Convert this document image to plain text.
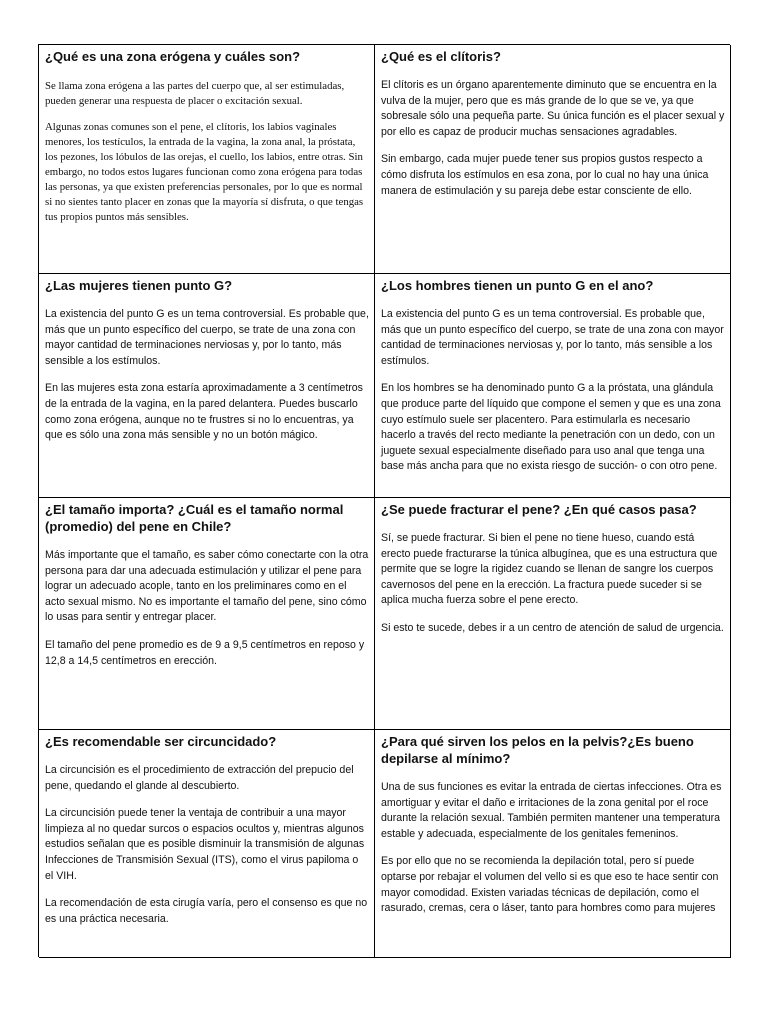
¿Qué es una zona erógena y cuáles son?

Se llama zona erógena a las partes del cuerpo que, al ser estimuladas, pueden generar una respuesta de placer o excitación sexual.

Algunas zonas comunes son el pene, el clítoris, los labios vaginales menores, los testículos, la entrada de la vagina, la zona anal, la próstata, los pezones, los lóbulos de las orejas, el cuello, los labios, entre otras. Sin embargo, no todos estos lugares funcionan como zona erógena para todas las personas, ya que existen preferencias personales, por lo que es normal si no sientes tanto placer en zonas que la mayoría sí disfruta, o que tengas tus propios puntos más sensibles.

¿Qué es el clítoris?

El clítoris es un órgano aparentemente diminuto que se encuentra en la vulva de la mujer, pero que es más grande de lo que se ve, ya que sobresale sólo una pequeña parte. Su única función es el placer sexual y por ello es capaz de producir muchas sensaciones agradables.

Sin embargo, cada mujer puede tener sus propios gustos respecto a cómo disfruta los estímulos en esa zona, por lo cual no hay una única manera de estimulación y su pareja debe estar consciente de ello.

¿Las mujeres tienen punto G?

La existencia del punto G es un tema controversial. Es probable que, más que un punto específico del cuerpo, se trate de una zona con mayor cantidad de terminaciones nerviosas y, por lo tanto, más sensible a los estímulos.

En las mujeres esta zona estaría aproximadamente a 3 centímetros de la entrada de la vagina, en la pared delantera. Puedes buscarlo como zona erógena, aunque no te frustres si no lo encuentras, ya que es sólo una zona más sensible y no un botón mágico.

¿Los hombres tienen un punto G en el ano?

La existencia del punto G es un tema controversial. Es probable que, más que un punto específico del cuerpo, se trate de una zona con mayor cantidad de terminaciones nerviosas y, por lo tanto, más sensible a los estímulos.

En los hombres se ha denominado punto G a la próstata, una glándula que produce parte del líquido que compone el semen y que es una zona cuyo estímulo suele ser placentero. Para estimularla es necesario hacerlo a través del recto mediante la penetración con un dedo, con un juguete sexual especialmente diseñado para uso anal que tenga una base más ancha para que no exista riesgo de succión- o con otro pene.

¿El tamaño importa? ¿Cuál es el tamaño normal (promedio) del pene en Chile?

Más importante que el tamaño, es saber cómo conectarte con la otra persona para dar una adecuada estimulación y utilizar el pene para lograr un adecuado acople, tanto en los preliminares como en el acto sexual mismo. No es importante el tamaño del pene, sino cómo lo usas para sentir y entregar placer.

El tamaño del pene promedio es de 9 a 9,5 centímetros en reposo y 12,8 a 14,5 centímetros en erección.

¿Se puede fracturar el pene? ¿En qué casos pasa?

Sí, se puede fracturar. Si bien el pene no tiene hueso, cuando está erecto puede fracturarse la túnica albugínea, que es una estructura que permite que se logre la rigidez cuando se llenan de sangre los cuerpos cavernosos del pene en la erección. La fractura puede suceder si se aplica mucha fuerza sobre el pene erecto.

Si esto te sucede, debes ir a un centro de atención de salud de urgencia.

¿Es recomendable ser circuncidado?

La circuncisión es el procedimiento de extracción del prepucio del pene, quedando el glande al descubierto.

La circuncisión puede tener la ventaja de contribuir a una mayor limpieza al no quedar surcos o espacios ocultos y, mientras algunos estudios señalan que es posible disminuir la transmisión de algunas Infecciones de Transmisión Sexual (ITS), como el virus papiloma o el VIH.

La recomendación de esta cirugía varía, pero el consenso es que no es una práctica necesaria.

¿Para qué sirven los pelos en la pelvis?¿Es bueno depilarse al mínimo?

Una de sus funciones es evitar la entrada de ciertas infecciones. Otra es amortiguar y evitar el daño e irritaciones de la zona genital por el roce durante la relación sexual. También permiten mantener una temperatura estable y adecuada, especialmente de los genitales femeninos.

Es por ello que no se recomienda la depilación total, pero sí puede optarse por rebajar el volumen del vello si es que eso te hace sentir con mayor comodidad. Existen variadas técnicas de depilación, como el rasurado, cremas, cera o láser, tanto para hombres como para mujeres
